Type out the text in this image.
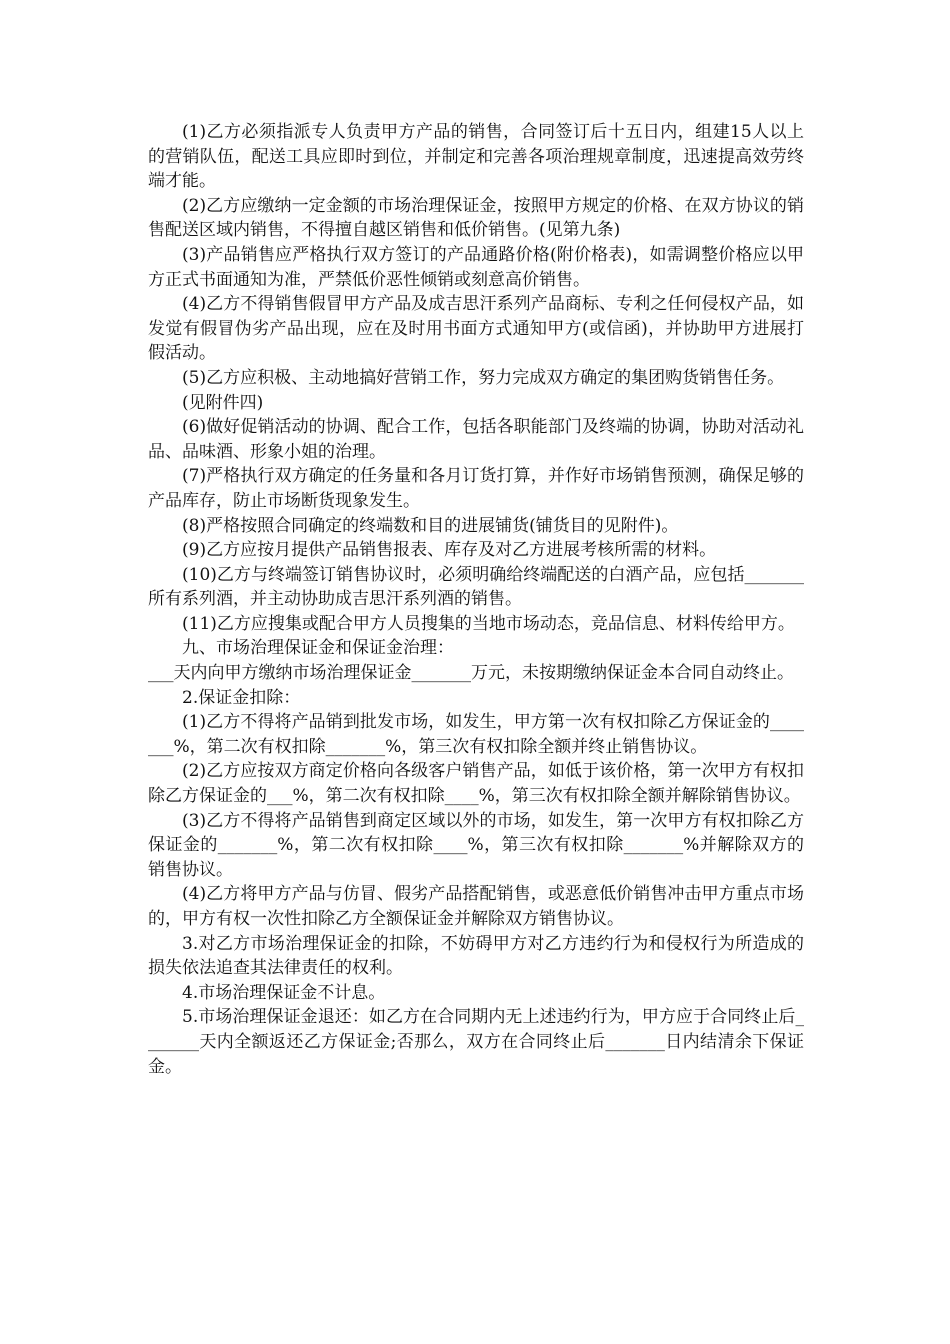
(1)乙方必须指派专人负责甲方产品的销售，合同签订后十五日内，组建15人以上的营销队伍，配送工具应即时到位，并制定和完善各项治理规章制度，迅速提高效劳终端才能。

(2)乙方应缴纳一定金额的市场治理保证金，按照甲方规定的价格、在双方协议的销售配送区域内销售，不得擅自越区销售和低价销售。(见第九条)

(3)产品销售应严格执行双方签订的产品通路价格(附价格表)，如需调整价格应以甲方正式书面通知为准，严禁低价恶性倾销或刻意高价销售。

(4)乙方不得销售假冒甲方产品及成吉思汗系列产品商标、专利之任何侵权产品，如发觉有假冒伪劣产品出现，应在及时用书面方式通知甲方(或信函)，并协助甲方进展打假活动。

(5)乙方应积极、主动地搞好营销工作，努力完成双方确定的集团购货销售任务。

(见附件四)

(6)做好促销活动的协调、配合工作，包括各职能部门及终端的协调，协助对活动礼品、品味酒、形象小姐的治理。

(7)严格执行双方确定的任务量和各月订货打算，并作好市场销售预测，确保足够的产品库存，防止市场断货现象发生。

(8)严格按照合同确定的终端数和目的进展铺货(铺货目的见附件)。

(9)乙方应按月提供产品销售报表、库存及对乙方进展考核所需的材料。

(10)乙方与终端签订销售协议时，必须明确给终端配送的白酒产品，应包括_______所有系列酒，并主动协助成吉思汗系列酒的销售。

(11)乙方应搜集或配合甲方人员搜集的当地市场动态，竞品信息、材料传给甲方。

九、市场治理保证金和保证金治理：

___天内向甲方缴纳市场治理保证金_______万元，未按期缴纳保证金本合同自动终止。

2.保证金扣除：

(1)乙方不得将产品销到批发市场，如发生，甲方第一次有权扣除乙方保证金的_______%，第二次有权扣除_______%，第三次有权扣除全额并终止销售协议。

(2)乙方应按双方商定价格向各级客户销售产品，如低于该价格，第一次甲方有权扣除乙方保证金的___%，第二次有权扣除____%，第三次有权扣除全额并解除销售协议。

(3)乙方不得将产品销售到商定区域以外的市场，如发生，第一次甲方有权扣除乙方保证金的_______%，第二次有权扣除____%，第三次有权扣除_______%并解除双方的销售协议。

(4)乙方将甲方产品与仿冒、假劣产品搭配销售，或恶意低价销售冲击甲方重点市场的，甲方有权一次性扣除乙方全额保证金并解除双方销售协议。

3.对乙方市场治理保证金的扣除，不妨碍甲方对乙方违约行为和侵权行为所造成的损失依法追查其法律责任的权利。

4.市场治理保证金不计息。

5.市场治理保证金退还：如乙方在合同期内无上述违约行为，甲方应于合同终止后_______天内全额返还乙方保证金;否那么，双方在合同终止后_______日内结清余下保证金。
